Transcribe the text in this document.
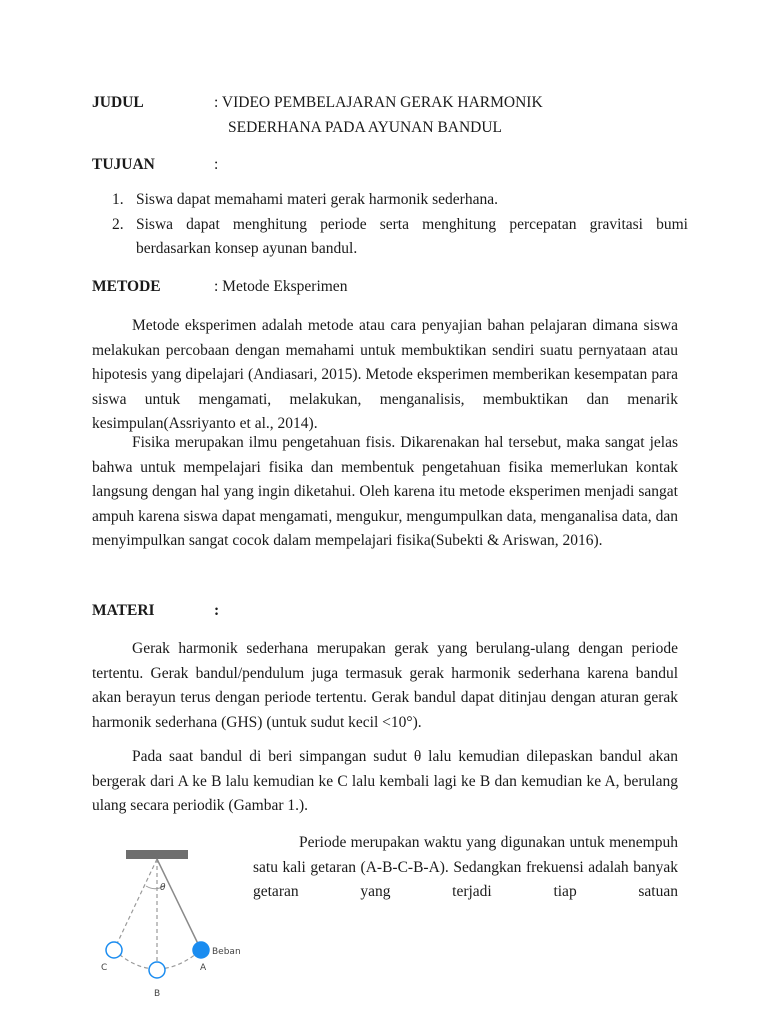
JUDUL	: VIDEO PEMBELAJARAN GERAK HARMONIK
SEDERHANA PADA AYUNAN BANDUL
TUJUAN	:
1. Siswa dapat memahami materi gerak harmonik sederhana.
2. Siswa dapat menghitung periode serta menghitung percepatan gravitasi bumi berdasarkan konsep ayunan bandul.
METODE	: Metode Eksperimen

Metode eksperimen adalah metode atau cara penyajian bahan pelajaran dimana siswa melakukan percobaan dengan memahami untuk membuktikan sendiri suatu pernyataan atau hipotesis yang dipelajari (Andiasari, 2015). Metode eksperimen memberikan kesempatan para siswa untuk mengamati, melakukan, menganalisis, membuktikan dan menarik kesimpulan(Assriyanto et al., 2014).

Fisika merupakan ilmu pengetahuan fisis. Dikarenakan hal tersebut, maka sangat jelas bahwa untuk mempelajari fisika dan membentuk pengetahuan fisika memerlukan kontak langsung dengan hal yang ingin diketahui. Oleh karena itu metode eksperimen menjadi sangat ampuh karena siswa dapat mengamati, mengukur, mengumpulkan data, menganalisa data, dan menyimpulkan sangat cocok dalam mempelajari fisika(Subekti & Ariswan, 2016).

MATERI	:

Gerak harmonik sederhana merupakan gerak yang berulang-ulang dengan periode tertentu. Gerak bandul/pendulum juga termasuk gerak harmonik sederhana karena bandul akan berayun terus dengan periode tertentu. Gerak bandul dapat ditinjau dengan aturan gerak harmonik sederhana (GHS) (untuk sudut kecil <10°).

Pada saat bandul di beri simpangan sudut θ lalu kemudian dilepaskan bandul akan bergerak dari A ke B lalu kemudian ke C lalu kembali lagi ke B dan kemudian ke A, berulang ulang secara periodik (Gambar 1.).

Periode merupakan waktu yang digunakan untuk menempuh satu kali getaran (A-B-C-B-A). Sedangkan frekuensi adalah banyak getaran yang terjadi tiap satuan

θ
Beban
A
B
C
